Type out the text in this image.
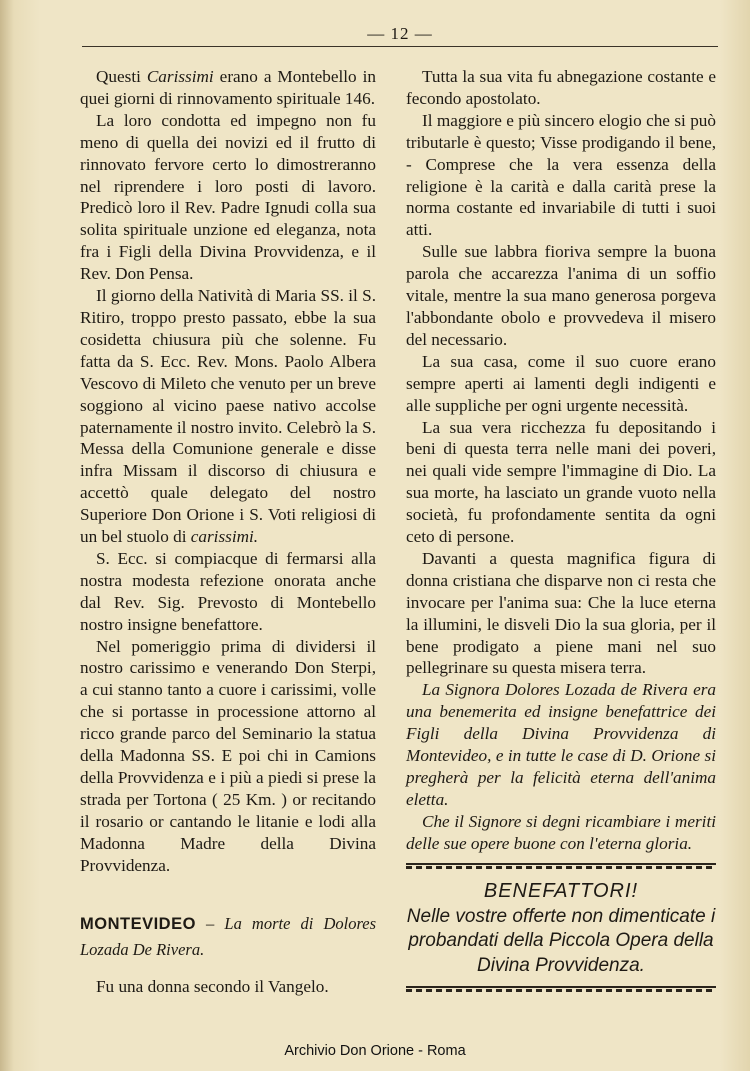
— 12 —

Questi Carissimi erano a Montebello in quei giorni di rinnovamento spirituale 146.

La loro condotta ed impegno non fu meno di quella dei novizi ed il frutto di rinnovato fervore certo lo dimostreranno nel riprendere i loro posti di lavoro. Predicò loro il Rev. Padre Ignudi colla sua solita spirituale unzione ed eleganza, nota fra i Figli della Divina Provvidenza, e il Rev. Don Pensa.

Il giorno della Natività di Maria SS. il S. Ritiro, troppo presto passato, ebbe la sua cosidetta chiusura più che solenne. Fu fatta da S. Ecc. Rev. Mons. Paolo Albera Vescovo di Mileto che venuto per un breve soggiono al vicino paese nativo accolse paternamente il nostro invito. Celebrò la S. Messa della Comunione generale e disse infra Missam il discorso di chiusura e accettò quale delegato del nostro Superiore Don Orione i S. Voti religiosi di un bel stuolo di carissimi.

S. Ecc. si compiacque di fermarsi alla nostra modesta refezione onorata anche dal Rev. Sig. Prevosto di Montebello nostro insigne benefattore.

Nel pomeriggio prima di dividersi il nostro carissimo e venerando Don Sterpi, a cui stanno tanto a cuore i carissimi, volle che si portasse in processione attorno al ricco grande parco del Seminario la statua della Madonna SS. E poi chi in Camions della Provvidenza e i più a piedi si prese la strada per Tortona ( 25 Km. ) or recitando il rosario or cantando le litanie e lodi alla Madonna Madre della Divina Provvidenza.

MONTEVIDEO – La morte di Dolores Lozada De Rivera.

Fu una donna secondo il Vangelo.

Tutta la sua vita fu abnegazione costante e fecondo apostolato.

Il maggiore e più sincero elogio che si può tributarle è questo; Visse prodigando il bene, - Comprese che la vera essenza della religione è la carità e dalla carità prese la norma costante ed invariabile di tutti i suoi atti.

Sulle sue labbra fioriva sempre la buona parola che accarezza l'anima di un soffio vitale, mentre la sua mano generosa porgeva l'abbondante obolo e provvedeva il misero del necessario.

La sua casa, come il suo cuore erano sempre aperti ai lamenti degli indigenti e alle suppliche per ogni urgente necessità.

La sua vera ricchezza fu depositando i beni di questa terra nelle mani dei poveri, nei quali vide sempre l'immagine di Dio. La sua morte, ha lasciato un grande vuoto nella società, fu profondamente sentita da ogni ceto di persone.

Davanti a questa magnifica figura di donna cristiana che disparve non ci resta che invocare per l'anima sua: Che la luce eterna la illumini, le disveli Dio la sua gloria, per il bene prodigato a piene mani nel suo pellegrinare su questa misera terra.

La Signora Dolores Lozada de Rivera era una benemerita ed insigne benefattrice dei Figli della Divina Provvidenza di Montevideo, e in tutte le case di D. Orione si pregherà per la felicità eterna dell'anima eletta.

Che il Signore si degni ricambiare i meriti delle sue opere buone con l'eterna gloria.

BENEFATTORI!
Nelle vostre offerte non dimenticate i probandati della Piccola Opera della Divina Provvidenza.
Archivio Don Orione - Roma
